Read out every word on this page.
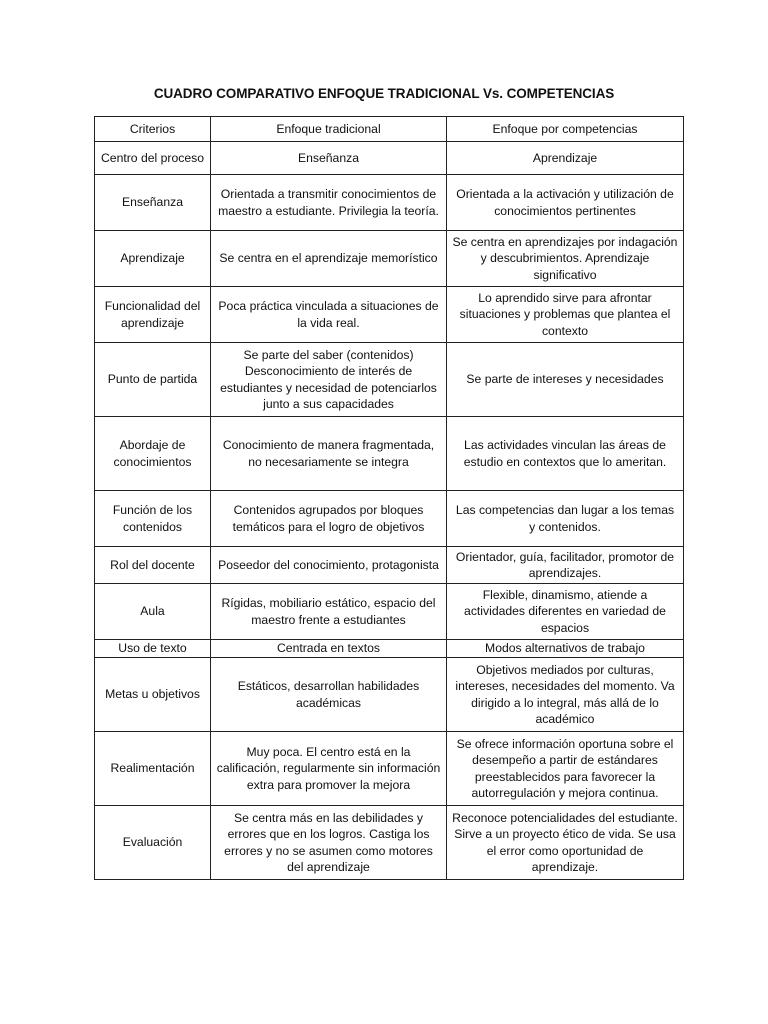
CUADRO COMPARATIVO ENFOQUE TRADICIONAL Vs. COMPETENCIAS
Criterios	Enfoque tradicional	Enfoque por competencias
Centro del proceso	Enseñanza	Aprendizaje
Enseñanza	Orientada a transmitir conocimientos de maestro a estudiante. Privilegia la teoría.	Orientada a la activación y utilización de conocimientos pertinentes
Aprendizaje	Se centra en el aprendizaje memorístico	Se centra en aprendizajes por indagación y descubrimientos. Aprendizaje significativo
Funcionalidad del aprendizaje	Poca práctica vinculada a situaciones de la vida real.	Lo aprendido sirve para afrontar situaciones y problemas que plantea el contexto
Punto de partida	Se parte del saber (contenidos) Desconocimiento de interés de estudiantes y necesidad de potenciarlos junto a sus capacidades	Se parte de intereses y necesidades
Abordaje de conocimientos	Conocimiento de manera fragmentada, no necesariamente se integra	Las actividades vinculan las áreas de estudio en contextos que lo ameritan.
Función de los contenidos	Contenidos agrupados por bloques temáticos para el logro de objetivos	Las competencias dan lugar a los temas y contenidos.
Rol del docente	Poseedor del conocimiento, protagonista	Orientador, guía, facilitador, promotor de aprendizajes.
Aula	Rígidas, mobiliario estático, espacio del maestro frente a estudiantes	Flexible, dinamismo, atiende a actividades diferentes en variedad de espacios
Uso de texto	Centrada en textos	Modos alternativos de trabajo
Metas u objetivos	Estáticos, desarrollan habilidades académicas	Objetivos mediados por culturas, intereses, necesidades del momento. Va dirigido a lo integral, más allá de lo académico
Realimentación	Muy poca. El centro está en la calificación, regularmente sin información extra para promover la mejora	Se ofrece información oportuna sobre el desempeño a partir de estándares preestablecidos para favorecer la autorregulación y mejora continua.
Evaluación	Se centra más en las debilidades y errores que en los logros. Castiga los errores y no se asumen como motores del aprendizaje	Reconoce potencialidades del estudiante. Sirve a un proyecto ético de vida. Se usa el error como oportunidad de aprendizaje.
